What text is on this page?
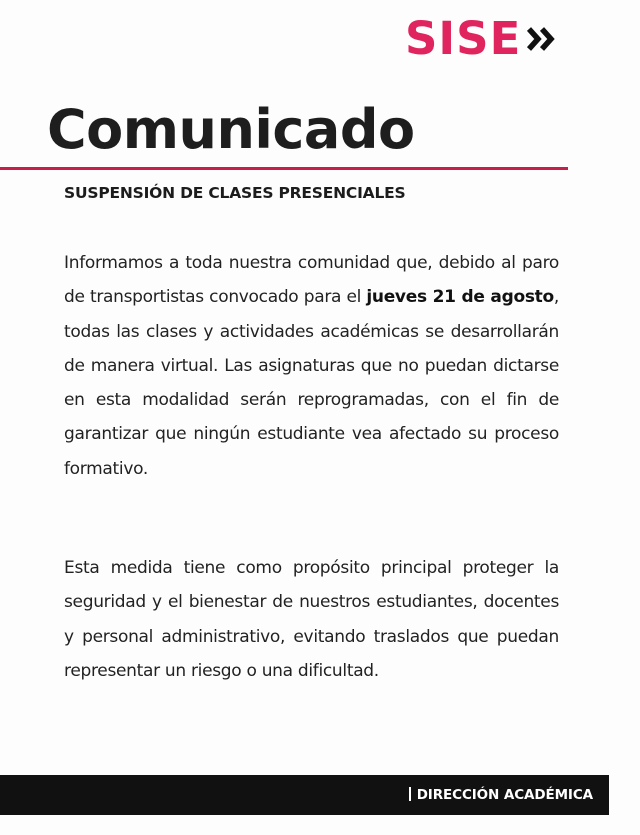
SISE
Comunicado
SUSPENSIÓN DE CLASES PRESENCIALES

Informamos a toda nuestra comunidad que, debido al paro de transportistas convocado para el jueves 21 de agosto, todas las clases y actividades académicas se desarrollarán de manera virtual. Las asignaturas que no puedan dictarse en esta modalidad serán reprogramadas, con el fin de garantizar que ningún estudiante vea afectado su proceso formativo.

Esta medida tiene como propósito principal proteger la seguridad y el bienestar de nuestros estudiantes, docentes y personal administrativo, evitando traslados que puedan representar un riesgo o una dificultad.

DIRECCIÓN ACADÉMICA
